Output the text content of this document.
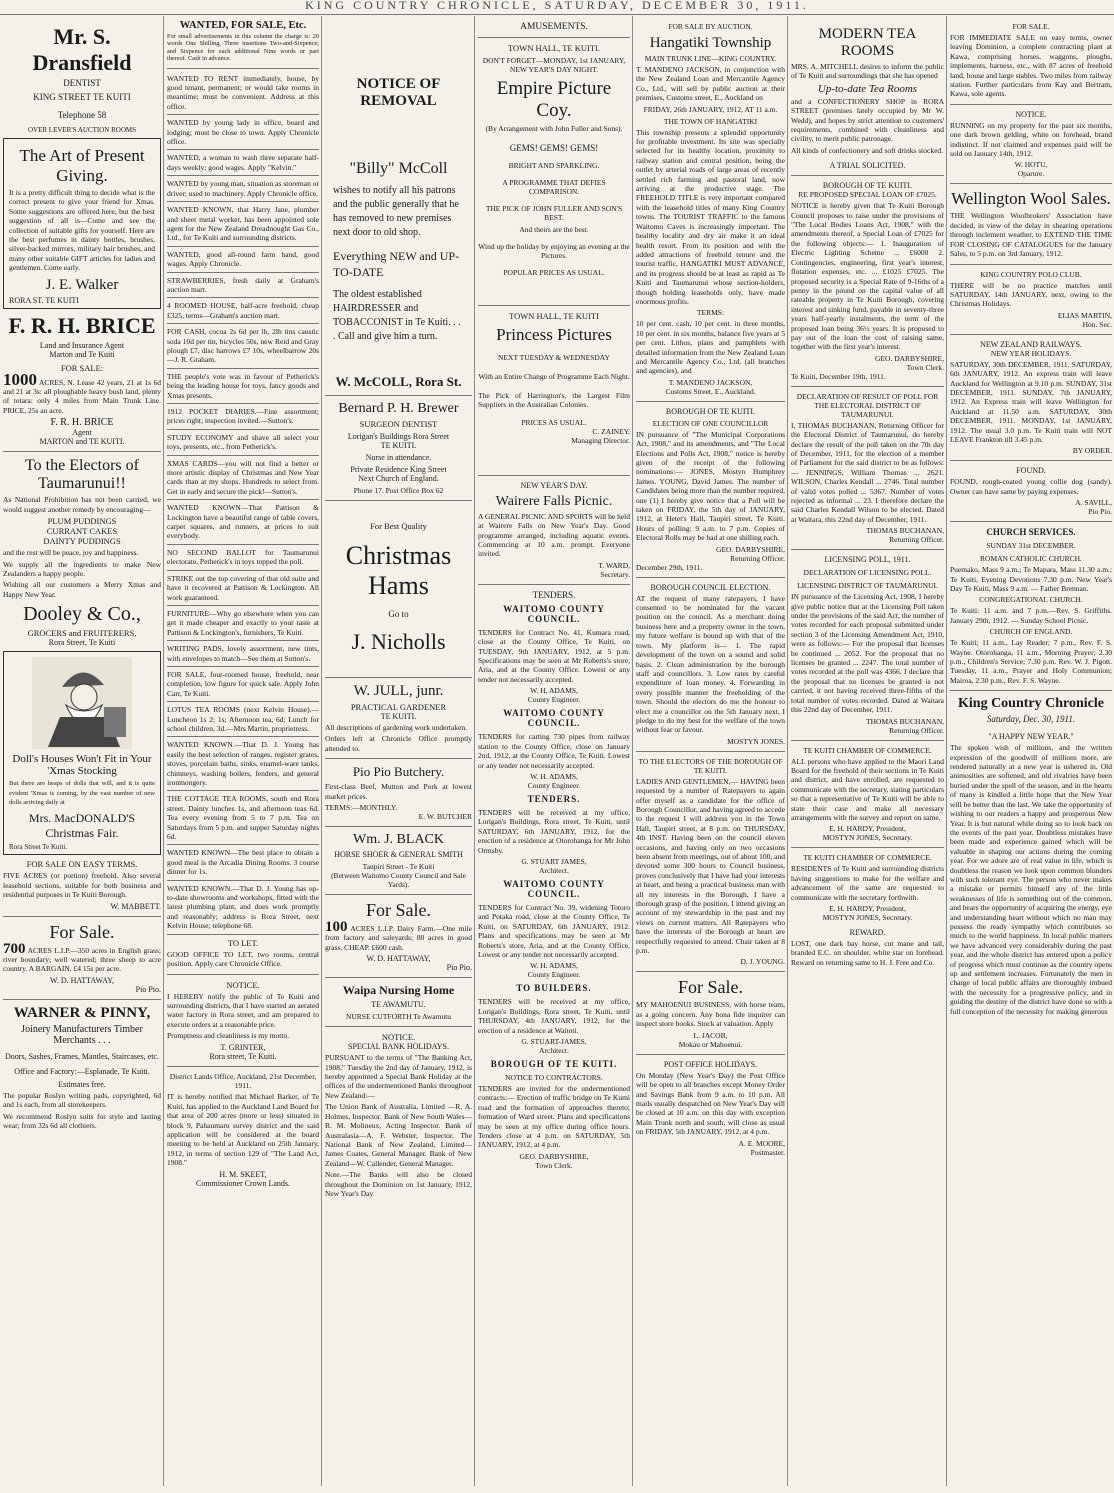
KING COUNTRY CHRONICLE, SATURDAY, DECEMBER 30, 1911.
Mr. S. Dransfield
DENTIST
KING STREET TE KUITI
Telephone 58
OVER LEVER'S AUCTION ROOMS
The Art of Present Giving.
It is a pretty difficult thing to decide what is the correct present to give your friend for Xmas. Some suggestions are offered here, but the best suggestion of all is—Come and see the collection of suitable gifts for yourself. Here are the best perfumes in dainty bottles, brushes, silver-backed mirrors, military hair brushes, and many other suitable GIFT articles for ladies and gentlemen. Come early.
J. E. Walker
RORA ST. TE KUITI
F. R. H. BRICE
Land and Insurance Agent
Marton and Te Kuiti
FOR SALE:
1000 ACRES, N. Lease 42 years, 21 at 1s 6d and 21 at 3s: all ploughable heavy bush land, plenty of totara: only 4 miles from Main Trunk Line. PRICE, 25s an acre.
F. R. H. BRICE
Agent
MARTON and TE KUITI.
To the Electors of Taumarunui!!
As National Prohibition has not been carried, we would suggest another remedy by encouraging—
PLUM PUDDINGS
CURRANT CAKES
DAINTY PUDDINGS
and the rest will be peace, joy and happiness.
We supply all the ingredients to make New Zealanders a happy people.
Wishing all our customers a Merry Xmas and Happy New Year.
Dooley & Co.,
GROCERS and FRUITERERS,
Rora Street, Te Kuiti
Doll's Houses Won't Fit in Your 'Xmas Stocking
But there are heaps of dolls that will, and it is quite evident 'Xmas is coming, by the vast number of new dolls arriving daily at
Mrs. MacDONALD'S Christmas Fair.
Rora Street Te Kuiti.
FOR SALE ON EASY TERMS.
FIVE ACRES (or portion) freehold. Also several leasehold sections, suitable for both business and residential purposes in Te Kuiti Borough.
W. MABBETT.
For Sale.
700 ACRES L.I.P.—350 acres in English grass; river boundary; well watered; three sheep to acre country. A BARGAIN. £4 15s per acre.
W. D. HATTAWAY,
Pio Pio.
WARNER & PINNY,
Joinery Manufacturers Timber Merchants . . .
Doors, Sashes, Frames, Mantles, Staircases, etc.
Office and Factory:—Esplanade, Te Kuiti.
Estimates free.
The popular Roslyn writing pads, copyrighted, 6d and 1s each, from all storekeepers.
We recommend Roslyn suits for style and lasting wear; from 32s 6d all clothiers.
WANTED, FOR SALE, Etc.
For small advertisements in this column the charge is: 20 words One Shilling, Three insertions Two-and-Sixpence; and Sixpence for each additional Nine words or part thereof. Cash in advance.
WANTED TO RENT immediately, house, by good tenant, permanent; or would take rooms in meantime; must be convenient. Address at this office.
WANTED by young lady in office, board and lodging; must be close to town. Apply Chronicle office.
WANTED, a woman to wash three separate half-days weekly; good wages. Apply "Kelvin."
WANTED by young man, situation as storeman or driver; used to machinery. Apply Chronicle office.
WANTED KNOWN, that Harry Jane, plumber and sheet metal worker, has been appointed sole agent for the New Zealand Dreadnought Gas Co., Ltd., for Te Kuiti and surrounding districts.
WANTED, good all-round farm hand, good wages. Apply Chronicle.
STRAWBERRIES, fresh daily at Graham's auction mart.
4 ROOMED HOUSE, half-acre freehold, cheap £325, terms—Graham's auction mart.
FOR CASH, cocoa 2s 6d per lb, 2lb tins caustic soda 10d per tin, bicycles 50s, new Reid and Gray plough £7, disc harrows £7 10s, wheelbarrow 20s—J. R. Graham.
THE people's vote was in favour of Petherick's being the leading house for toys, fancy goods and Xmas presents.
1912 POCKET DIARIES.—Fine assortment; prices right; inspection invited.—Sutton's.
STUDY ECONOMY and shave all select your toys, presents, etc., from Petherick's.
XMAS CARDS—you will not find a better or more artistic display of Christmas and New Year cards than at my shops. Hundreds to select from. Get in early and secure the pick!—Sutton's.
WANTED KNOWN—That Pattison & Lockington have a beautiful range of table covers, carpet squares, and runners, at prices to suit everybody.
NO SECOND BALLOT for Taumarunui electorate, Petherick's in toys topped the poll.
STRIKE out the top covering of that old suite and have it recovered at Pattison & Lockington. All work guaranteed.
FURNITURE—Why go elsewhere when you can get it made cheaper and exactly to your taste at Pattison & Lockington's, furnishers, Te Kuiti.
WRITING PADS, lovely assortment, new tints, with envelopes to match—See them at Sutton's.
FOR SALE, four-roomed house, freehold, near completion, low figure for quick sale. Apply John Carr, Te Kuiti.
LOTUS TEA ROOMS (next Kelvin House).—Luncheon 1s 2; 1s; Afternoon tea, 6d; Lunch for school children, 3d.—Mrs Martin, proprietress.
WANTED KNOWN.—That D. J. Young has easily the best selection of ranges, register grates, stoves, porcelain baths, sinks, enamel-ware tanks, chimneys, washing boilers, fenders, and general ironmongery.
THE COTTAGE TEA ROOMS, south end Rora street. Dainty lunches 1s, and afternoon teas 6d. Tea every evening from 5 to 7 p.m. Tea on Saturdays from 5 p.m. and supper Saturday nights 6d.
WANTED KNOWN—The best place to obtain a good meal is the Arcadia Dining Rooms. 3 course dinner for 1s.
WANTED KNOWN.—That D. J. Young has up-to-date showrooms and workshops, fitted with the latest plumbing plant, and does work promptly and reasonably; address is Rora Street, next Kelvin House; telephone 68.
TO LET.
GOOD OFFICE TO LET, two rooms, central position. Apply care Chronicle Office.
NOTICE.
I HEREBY notify the public of Te Kuiti and surrounding districts, that I have started an aerated water factory in Rora street, and am prepared to execute orders at a reasonable price.
Promptness and cleanliness is my motto.
T. GRINTER,
Rora street, Te Kuiti.
District Lands Office, Auckland, 21st December, 1911.
IT is hereby notified that Michael Barker, of Te Kuiti, has applied to the Auckland Land Board for that area of 200 acres (more or less) situated in block 9, Pahaumaru survey district and the said application will be considered at the board meeting to be held at Auckland on 25th January, 1912, in terms of section 129 of "The Land Act, 1908."
H. M. SKEET,
Commissioner Crown Lands.
NOTICE OF REMOVAL
"Billy" McColl
wishes to notify all his patrons and the public generally that he has removed to new premises next door to old shop.
Everything NEW and UP-TO-DATE
The oldest established HAIRDRESSER and TOBACCONIST in Te Kuiti. . . . Call and give him a turn.
W. McCOLL, Rora St.
Bernard P. H. Brewer
SURGEON DENTIST
Lorigan's Buildings Rora Street
TE KUITI.
Nurse in attendance.
Private Residence King Street
Next Church of England.
Phone 17. Post Office Box 62
For Best Quality
Christmas Hams
Go to
J. Nicholls
W. JULL, junr.
PRACTICAL GARDENER
TE KUITI.
All descriptions of gardening work undertaken.
Orders left at Chronicle Office promptly attended to.
Pio Pio Butchery.
First-class Beef, Mutton and Pork at lowest market prices.
TERMS:—MONTHLY.
E. W. BUTCHER
Wm. J. BLACK
HORSE SHOER & GENERAL SMITH
Taupiri Street - Te Kuiti
(Between Waitomo County Council and Sale Yards).
For Sale.
100 ACRES L.I.P. Dairy Farm.—One mile from factory and saleyards; 80 acres in good grass. CHEAP. £600 cash.
W. D. HATTAWAY,
Pio Pio.
Waipa Nursing Home
TE AWAMUTU.
NURSE CUTFORTH Te Awamutu
NOTICE.
SPECIAL BANK HOLIDAYS.
PURSUANT to the terms of "The Banking Act, 1908," Tuesday the 2nd day of January, 1912, is hereby appointed a Special Bank Holiday at the offices of the undermentioned Banks throughout New Zealand:—
The Union Bank of Australia, Limited —R. A. Holmes, Inspector. Bank of New South Wales—R. M. Molineux, Acting Inspector. Bank of Australasia—A. F. Webster, Inspector. The National Bank of New Zealand, Limited—James Coates, General Manager. Bank of New Zealand—W. Callender, General Manager.
Note.—The Banks will also be closed throughout the Dominion on 1st January, 1912, New Year's Day
AMUSEMENTS.
TOWN HALL, TE KUITI.
DON'T FORGET—MONDAY, 1st JANUARY, NEW YEAR'S DAY NIGHT.
Empire Picture Coy.
(By Arrangement with John Fuller and Sons).
GEMS! GEMS! GEMS!
BRIGHT AND SPARKLING.
A PROGRAMME THAT DEFIES COMPARISON.
THE PICK OF JOHN FULLER AND SON'S BEST.
And theirs are the best.
Wind up the holiday by enjoying an evening at the Pictures.
POPULAR PRICES AS USUAL.
TOWN HALL, TE KUITI
Princess Pictures
NEXT TUESDAY & WEDNESDAY
With an Entire Change of Programme Each Night.
The Pick of Harrington's, the Largest Film Suppliers in the Australian Colonies.
PRICES AS USUAL.
C. ZAINEY,
Managing Director.
NEW YEAR'S DAY.
Wairere Falls Picnic.
A GENERAL PICNIC AND SPORTS will be held at Wairere Falls on New Year's Day. Good programme arranged, including aquatic events. Commencing at 10 a.m. prompt. Everyone invited.
T. WARD,
Secretary.
TENDERS.
WAITOMO COUNTY COUNCIL.
TENDERS for Contract No. 41, Kumara road, close at the County Office, Te Kuiti, on TUESDAY, 9th JANUARY, 1912, at 5 p.m. Specifications may be seen at Mr Roberts's store, Aria, and at the County Office. Lowest or any tender not necessarily accepted.
W. H. ADAMS,
County Engineer.
WAITOMO COUNTY COUNCIL.
TENDERS for carting 730 pipes from railway station to the County Office, close on January 2nd, 1912, at the County Office, Te Kuiti. Lowest or any tender not necessarily accepted.
W. H. ADAMS,
County Engineer.
TENDERS.
TENDERS will be received at my office, Lorigan's Buildings, Rora street, Te Kuiti, until SATURDAY, 6th JANUARY, 1912, for the erection of a residence at Otorohanga for Mr John Ormsby.
G. STUART JAMES,
Architect.
WAITOMO COUNTY COUNCIL.
TENDERS for Contract No. 39, widening Totoro and Potaka road, close at the County Office, Te Kuiti, on SATURDAY, 6th JANUARY, 1912. Plans and specifications may be seen at Mr Roberts's store, Aria, and at the County Office. Lowest or any tender not necessarily accepted.
W. H. ADAMS,
County Engineer.
TO BUILDERS.
TENDERS will be received at my office, Lorigan's Buildings, Rora street, Te Kuiti, until THURSDAY, 4th JANUARY, 1912, for the erection of a residence at Waitoti.
G. STUART-JAMES,
Architect.
BOROUGH OF TE KUITI.
NOTICE TO CONTRACTORS.
TENDERS are invited for the undermentioned contracts:— Erection of traffic bridge on Te Kumi road and the formation of approaches thereto; formation of Ward street. Plans and specifications may be seen at my office during office hours. Tenders close at 4 p.m. on SATURDAY, 5th JANUARY, 1912, at 4 p.m.
GEO. DARBYSHIRE,
Town Clerk.
FOR SALE BY AUCTION.
Hangatiki Township
MAIN TRUNK LINE—KING COUNTRY.
T. MANDENO JACKSON, in conjunction with the New Zealand Loan and Mercantile Agency Co., Ltd., will sell by public auction at their premises, Customs street, E., Auckland on
FRIDAY, 26th JANUARY, 1912, AT 11 a.m.
THE TOWN OF HANGATIKI
This township presents a splendid opportunity for profitable investment. Its site was specially selected for its healthy location, proximity to railway station and central position, being the outlet by arterial roads of large areas of recently settled rich farming and pastoral land, now arriving at the productive stage. The FREEHOLD TITLE is very important compared with the leasehold titles of many King Country towns. The TOURIST TRAFFIC to the famous Waitomo Caves is increasingly important. The healthy locality and dry air make it an ideal health resort. From its position and with the added attractions of freehold tenure and the tourist traffic, HANGATIKI MUST ADVANCE, and its progress should be at least as rapid as Te Kuiti and Taumarunui whose section-holders, though holding leaseholds only, have made enormous profits.
TERMS:
10 per cent. cash, 10 per cent. in three months, 10 per cent. in six months, balance five years at 5 per cent. Lithos, plans and pamphlets with detailed information from the New Zealand Loan and Mercantile Agency Co., Ltd. (all branches and agencies), and
T. MANDENO JACKSON,
Customs Street, E., Auckland.
BOROUGH OF TE KUITI.
ELECTION OF ONE COUNCILLOR
IN pursuance of "The Municipal Corporations Act, 1908," and its amendments, and "The Local Elections and Polls Act, 1908," notice is hereby given of the receipt of the following nominations:— JONES, Mostyn Humphrey James. YOUNG, David James. The number of Candidates being more than the number required, one (1) I hereby give notice that a Poll will be taken on FRIDAY, the 5th day of JANUARY, 1912, at Hetet's Hall, Taupiri street, Te Kuiti. Hours of polling: 9 a.m. to 7 p.m. Copies of Electoral Rolls may be had at one shilling each.
GEO. DARBYSHIRE,
Returning Officer.
December 29th, 1911.
BOROUGH COUNCIL ELECTION.
AT the request of many ratepayers, I have consented to be nominated for the vacant position on the council. As a merchant doing business here and a property owner in the town, my future welfare is bound up with that of the town. My platform is— 1. The rapid development of the town on a sound and solid basis. 2. Clean administration by the borough staff and councillors. 3. Low rates by careful expenditure of loan money. 4. Forwarding in every possible manner the freeholding of the town. Should the electors do me the honour to elect me a councillor on the 5th January next, I pledge to do my best for the welfare of the town without fear or favour.
MOSTYN JONES.
TO THE ELECTORS OF THE BOROUGH OF TE KUITI.
LADIES AND GENTLEMEN,— HAVING been requested by a number of Ratepayers to again offer myself as a candidate for the office of Borough Councillor, and having agreed to accede to the request I will address you in the Town Hall, Taupiri street, at 8 p.m. on THURSDAY, 4th INST. Having been on the council eleven occasions, and having only on two occasions been absent from meetings, out of about 100, and devoted some 300 hours to Council business, proves conclusively that I have had your interests at heart, and being a practical business man with all my interests in the Borough, I have a thorough grasp of the position. I intend giving an account of my stewardship in the past and my views on current matters. All Ratepayers who have the interests of the Borough at heart are respectfully requested to attend. Chair taken at 8 p.m.
D. J. YOUNG.
For Sale.
MY MAHOENUI BUSINESS, with horse team, as a going concern. Any bona fide inquirer can inspect store books. Stock at valuation. Apply
L. JACOB,
Mokau or Mahoenui.
POST OFFICE HOLIDAYS.
On Monday (New Year's Day) the Post Office will be open to all branches except Money Order and Savings Bank from 9 a.m. to 10 p.m. All mails usually despatched on New Year's Day will be closed at 10 a.m. on this day with exception Main Trunk north and south, will close as usual on FRIDAY, 5th JANUARY, 1912, at 4 p.m.
A. E. MOORE,
Postmaster.
MODERN TEA ROOMS
MRS. A. MITCHELL desires to inform the public of Te Kuiti and surroundings that she has opened
Up-to-date Tea Rooms
and a CONFECTIONERY SHOP in RORA STREET (premises lately occupied by Mr W. Wedd), and hopes by strict attention to customers' requirements, combined with cleanliness and civility, to merit public patronage.
All kinds of confectionery and soft drinks stocked.
A TRIAL SOLICITED.
BOROUGH OF TE KUITI.
RE PROPOSED SPECIAL LOAN OF £7025.
NOTICE is hereby given that Te Kuiti Borough Council proposes to raise under the provisions of "The Local Bodies Loans Act, 1908," with the amendments thereof, a Special Loan of £7025 for the following objects:— 1. Inauguration of Electric Lighting Scheme ... £6000 2. Contingencies, engineering, first year's interest, flotation expenses, etc. ... £1025 £7025. The proposed security is a Special Rate of 9-16ths of a penny in the pound on the capital value of all rateable property in Te Kuiti Borough, covering interest and sinking fund, payable in seventy-three years half-yearly instalments, the term of the proposed loan being 36½ years. It is proposed to pay out of the loan the cost of raising same, together with the first year's interest.
GEO. DARBYSHIRE,
Town Clerk.
Te Kuiti, December 19th, 1911.
DECLARATION OF RESULT OF POLL FOR THE ELECTORAL DISTRICT OF TAUMARUNUI.
I, THOMAS BUCHANAN, Returning Officer for the Electoral District of Taumarunui, do hereby declare the result of the poll taken on the 7th day of December, 1911, for the election of a member of Parliament for the said district to be as follows:— JENNINGS, William Thomas ... 2621. WILSON, Charles Kendall ... 2746. Total number of valid votes polled ... 5367. Number of votes rejected as informal ... 23. I therefore declare the said Charles Kendall Wilson to be elected. Dated at Waitara, this 22nd day of December, 1911.
THOMAS BUCHANAN,
Returning Officer.
LICENSING POLL, 1911.
DECLARATION OF LICENSING POLL.
LICENSING DISTRICT OF TAUMARUNUI.
IN pursuance of the Licensing Act, 1908, I hereby give public notice that at the Licensing Poll taken under the provisions of the said Act, the number of votes recorded for each proposal submitted under section 3 of the Licensing Amendment Act, 1910, were as follows:— For the proposal that licenses be continued ... 2052. For the proposal that no licenses be granted ... 2247. The total number of votes recorded at the poll was 4366. I declare that the proposal that no licenses be granted is not carried, it not having received three-fifths of the total number of votes recorded. Dated at Waitara this 22nd day of December, 1911.
THOMAS BUCHANAN,
Returning Officer.
TE KUITI CHAMBER OF COMMERCE.
ALL persons who have applied to the Maori Land Board for the freehold of their sections in Te Kuiti and district, and have enrolled, are requested to communicate with the secretary, stating particulars so that a representative of Te Kuiti will be able to state their case and make all necessary arrangements with the survey and report on same.
E. H. HARDY, President,
MOSTYN JONES, Secretary.
TE KUITI CHAMBER OF COMMERCE.
RESIDENTS of Te Kuiti and surrounding districts having suggestions to make for the welfare and advancement of the same are requested to communicate with the secretary forthwith.
E. H. HARDY, President,
MOSTYN JONES, Secretary.
REWARD.
LOST, one dark bay horse, cut mane and tail, branded E.C. on shoulder, white star on forehead. Reward on returning same to H. J. Free and Co.
FOR SALE.
FOR IMMEDIATE SALE on easy terms, owner leaving Dominion, a complete contracting plant at Kawa, comprising horses, waggons, ploughs, implements, harness, etc., with 87 acres of freehold land, house and large stables. Two miles from railway station. Further particulars from Kay and Bertram, Kawa, sole agents.
NOTICE.
RUNNING on my property for the past six months, one dark brown gelding, white on forehead, brand indistinct. If not claimed and expenses paid will be sold on January 14th, 1912.
W. HOTU,
Oparure.
Wellington Wool Sales.
THE Wellington Woolbrokers' Association have decided, in view of the delay in shearing operations through inclement weather, to EXTEND THE TIME FOR CLOSING OF CATALOGUES for the January Sales, to 5 p.m. on 3rd January, 1912.
KING COUNTRY POLO CLUB.
THERE will be no practice matches until SATURDAY, 14th JANUARY, next, owing to the Christmas Holidays.
ELIAS MARTIN,
Hon. Sec.
NEW ZEALAND RAILWAYS.
NEW YEAR HOLIDAYS.
SATURDAY, 30th DECEMBER, 1911. SATURDAY, 6th JANUARY, 1912. An express train will leave Auckland for Wellington at 9.10 p.m. SUNDAY, 31st DECEMBER, 1911. SUNDAY, 7th JANUARY, 1912. An Express train will leave Wellington for Auckland at 11.50 a.m. SATURDAY, 30th DECEMBER, 1911. MONDAY, 1st JANUARY, 1912. The usual 3.0 p.m. Te Kuiti train will NOT LEAVE Frankton till 3.45 p.m.
BY ORDER.
FOUND.
FOUND, rough-coated young collie dog (sandy). Owner can have same by paying expenses.
A. SAVILL,
Pio Pio.
CHURCH SERVICES.
SUNDAY 31st DECEMBER.
ROMAN CATHOLIC CHURCH.
Puemako, Mass 9 a.m.; Te Mapara, Mass 11.30 a.m.; Te Kuiti, Evening Devotions 7.30 p.m. New Year's Day Te Kuiti, Mass 9 a.m. — Father Brennan.
CONGREGATIONAL CHURCH.
Te Kuiti: 11 a.m. and 7 p.m.—Rev. S. Griffiths. January 29th, 1912. — Sunday School Picnic.
CHURCH OF ENGLAND.
Te Kuiti; 11 a.m., Lay Reader; 7 p.m., Rev. F. S. Wayne. Otorohanga, 11 a.m., Morning Prayer; 2.30 p.m., Children's Service; 7.30 p.m. Rev. W. J. Pigott. Tuesday, 11 a.m., Prayer and Holy Communion; Mairoa, 2.30 p.m., Rev. F. S. Wayne.
King Country Chronicle
Saturday, Dec. 30, 1911.
"A HAPPY NEW YEAR."
The spoken wish of millions, and the written expression of the goodwill of millions more, are rendered naturally at a new year is ushered in. Old animosities are softened, and old rivalries have been buried under the spell of the season, and in the hearts of many is kindled a little hope that the New Year will be better than the last. We take the opportunity of wishing to our readers a happy and prosperous New Year. It is but natural while doing so to look back on the events of the past year. Doubtless mistakes have been made and experience gained which will be valuable in shaping our actions during the coming year. For we adore are of real value in life, which is doubtless the reason we look upon common blunders with such tolerant eye. The person who never makes a mistake or permits himself any of the little weaknesses of life is something out of the common, and bears the opportunity of acquiring the energy, eye and understanding heart without which no man may possess the ready sympathy which contributes so much to the world happiness. In local public matters we have advanced very considerably during the past year, and the whole district has entered upon a policy of progress which must continue as the country opens up and settlement increases. Fortunately the men in charge of local public affairs are thoroughly imbued with the necessity for a progressive policy, and in guiding the destiny of the district have done so with a full conception of the necessity for making generous
